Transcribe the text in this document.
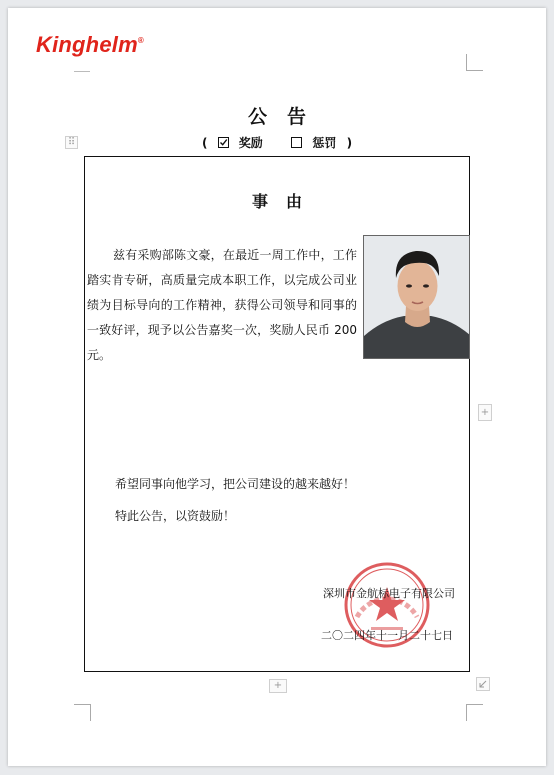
Kinghelm®
公告
(	奖励	惩罚 )
⠿
事由
兹有采购部陈文豪，在最近一周工作中，工作踏实肯专研，高质量完成本职工作，以完成公司业绩为目标导向的工作精神，获得公司领导和同事的一致好评，现予以公告嘉奖一次，奖励人民币 200元。
希望同事向他学习，把公司建设的越来越好！
特此公告，以资鼓励！
深圳市金航标电子有限公司
二〇二四年十一月二十七日
+
+
